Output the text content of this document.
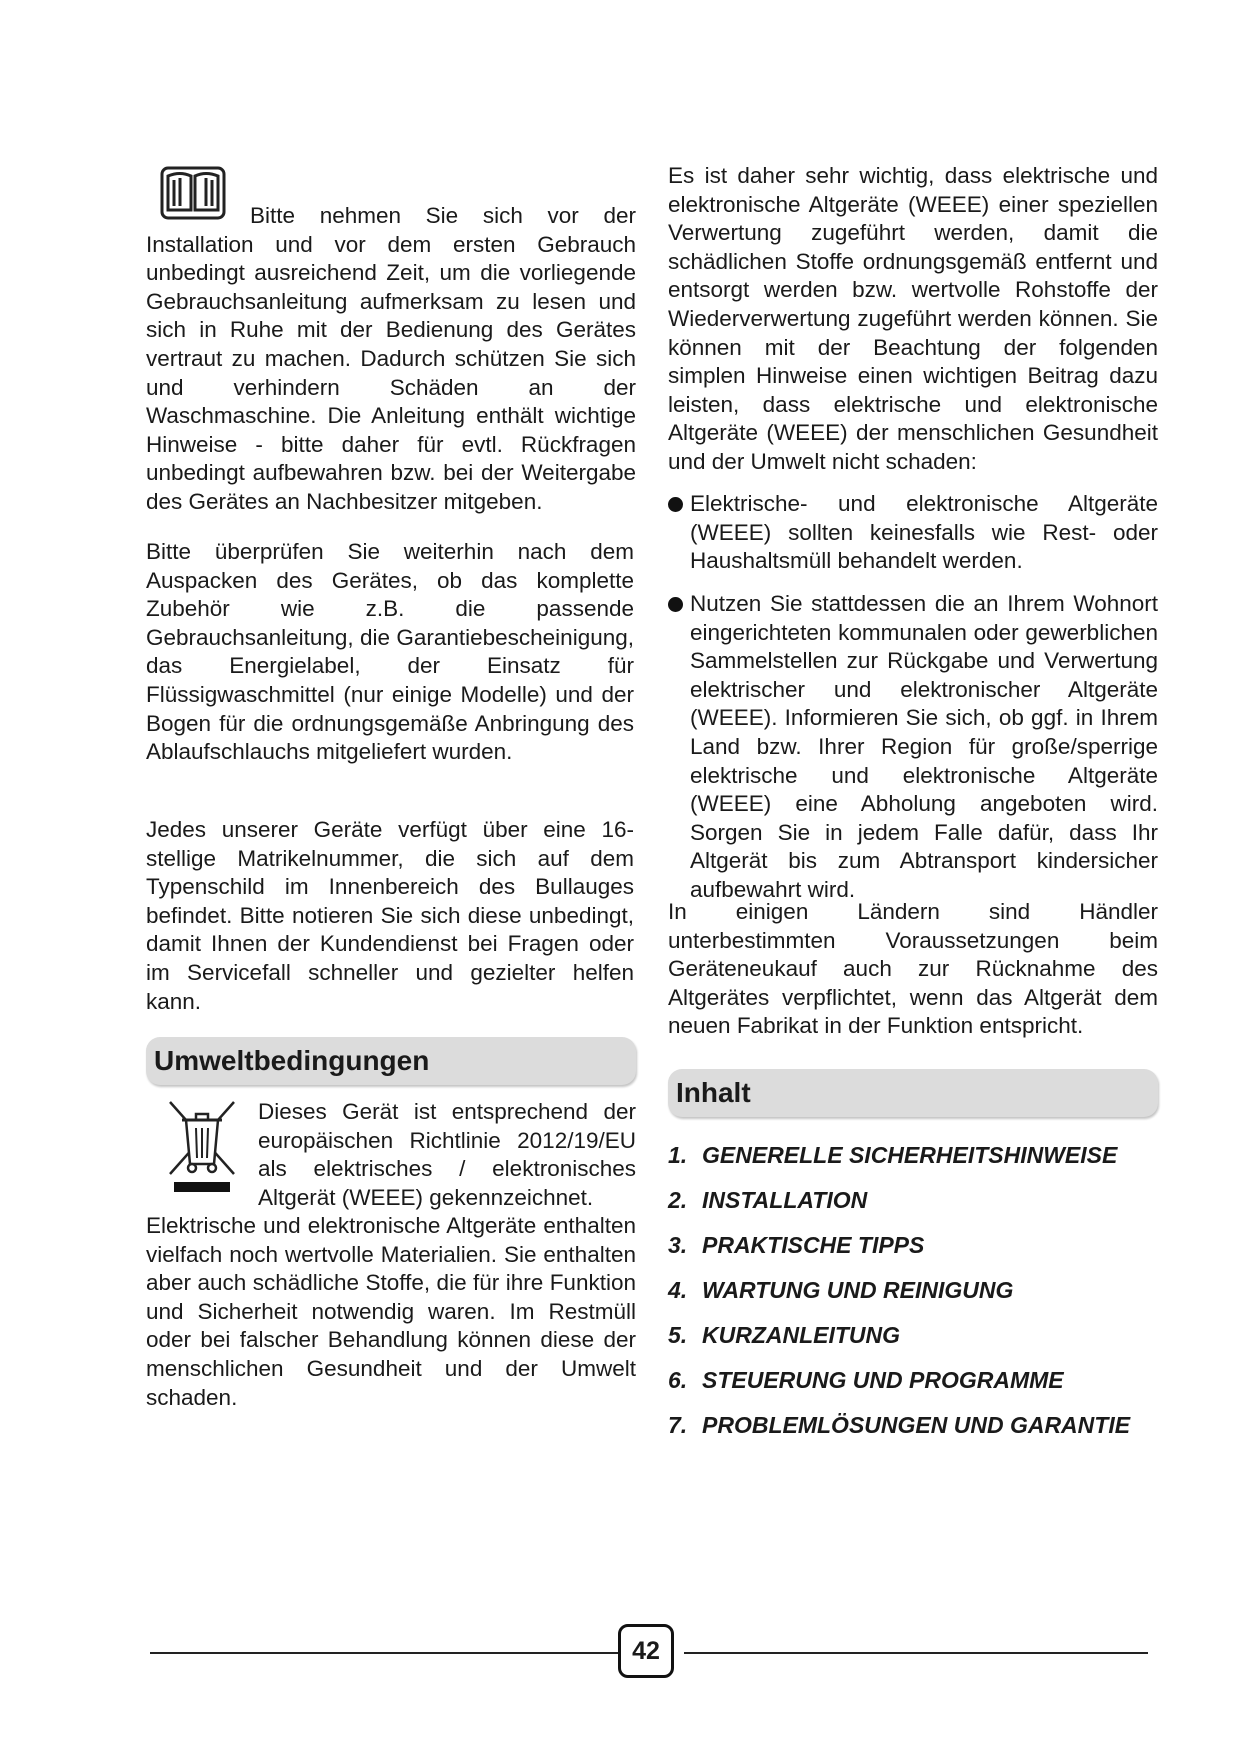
Bitte nehmen Sie sich vor der Installation und vor dem ersten Gebrauch unbedingt ausreichend Zeit, um die vorliegende Gebrauchsanleitung aufmerksam zu lesen und sich in Ruhe mit der Bedienung des Gerätes vertraut zu machen. Dadurch schützen Sie sich und verhindern Schäden an der Waschmaschine. Die Anleitung enthält wichtige Hinweise - bitte daher für evtl. Rückfragen unbedingt aufbewahren bzw. bei der Weitergabe des Gerätes an Nachbesitzer mitgeben.

Bitte überprüfen Sie weiterhin nach dem Auspacken des Gerätes, ob das komplette Zubehör wie z.B. die passende Gebrauchsanleitung, die Garantiebescheinigung, das Energielabel, der Einsatz für Flüssigwaschmittel (nur einige Modelle) und der Bogen für die ordnungsgemäße Anbringung des Ablaufschlauchs mitgeliefert wurden.

Jedes unserer Geräte verfügt über eine 16-stellige Matrikelnummer, die sich auf dem Typenschild im Innenbereich des Bullauges befindet. Bitte notieren Sie sich diese unbedingt, damit Ihnen der Kundendienst bei Fragen oder im Servicefall schneller und gezielter helfen kann.

Umweltbedingungen

Dieses Gerät ist entsprechend der europäischen Richtlinie 2012/19/EU als elektrisches / elektronisches Altgerät (WEEE) gekennzeichnet.

Elektrische und elektronische Altgeräte enthalten vielfach noch wertvolle Materialien. Sie enthalten aber auch schädliche Stoffe, die für ihre Funktion und Sicherheit notwendig waren. Im Restmüll oder bei falscher Behandlung können diese der menschlichen Gesundheit und der Umwelt schaden.

Es ist daher sehr wichtig, dass elektrische und elektronische Altgeräte (WEEE) einer speziellen Verwertung zugeführt werden, damit die schädlichen Stoffe ordnungsgemäß entfernt und entsorgt werden bzw. wertvolle Rohstoffe der Wiederverwertung zugeführt werden können. Sie können mit der Beachtung der folgenden simplen Hinweise einen wichtigen Beitrag dazu leisten, dass elektrische und elektronische Altgeräte (WEEE) der menschlichen Gesundheit und der Umwelt nicht schaden:

Elektrische- und elektronische Altgeräte (WEEE) sollten keinesfalls wie Rest- oder Haushaltsmüll behandelt werden.

Nutzen Sie stattdessen die an Ihrem Wohnort eingerichteten kommunalen oder gewerblichen Sammelstellen zur Rückgabe und Verwertung elektrischer und elektronischer Altgeräte (WEEE). Informieren Sie sich, ob ggf. in Ihrem Land bzw. Ihrer Region für große/sperrige elektrische und elektronische Altgeräte (WEEE) eine Abholung angeboten wird. Sorgen Sie in jedem Falle dafür, dass Ihr Altgerät bis zum Abtransport kindersicher aufbewahrt wird.

In einigen Ländern sind Händler unterbestimmten Voraussetzungen beim Geräteneukauf auch zur Rücknahme des Altgerätes verpflichtet, wenn das Altgerät dem neuen Fabrikat in der Funktion entspricht.

Inhalt
1. GENERELLE SICHERHEITSHINWEISE
2. INSTALLATION
3. PRAKTISCHE TIPPS
4. WARTUNG UND REINIGUNG
5. KURZANLEITUNG
6. STEUERUNG UND PROGRAMME
7. PROBLEMLÖSUNGEN UND GARANTIE
42
